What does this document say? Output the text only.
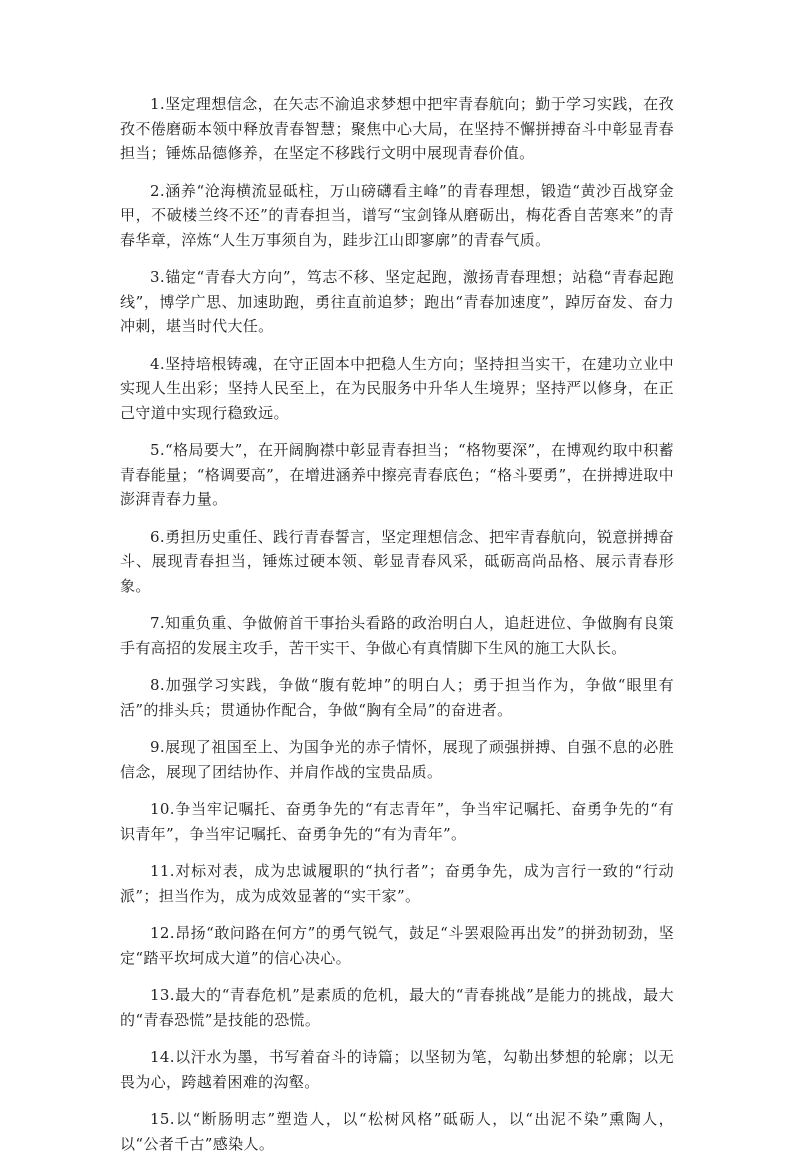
1.坚定理想信念，在矢志不渝追求梦想中把牢青春航向；勤于学习实践，在孜孜不倦磨砺本领中释放青春智慧；聚焦中心大局，在坚持不懈拼搏奋斗中彰显青春担当；锤炼品德修养，在坚定不移践行文明中展现青春价值。

2.涵养“沧海横流显砥柱，万山磅礴看主峰”的青春理想，锻造“黄沙百战穿金甲，不破楼兰终不还”的青春担当，谱写“宝剑锋从磨砺出，梅花香自苦寒来”的青春华章，淬炼“人生万事须自为，跬步江山即寥廓”的青春气质。

3.锚定“青春大方向”，笃志不移、坚定起跑，激扬青春理想；站稳“青春起跑线”，博学广思、加速助跑，勇往直前追梦；跑出“青春加速度”，踔厉奋发、奋力冲刺，堪当时代大任。

4.坚持培根铸魂，在守正固本中把稳人生方向；坚持担当实干，在建功立业中实现人生出彩；坚持人民至上，在为民服务中升华人生境界；坚持严以修身，在正己守道中实现行稳致远。

5.“格局要大”，在开阔胸襟中彰显青春担当；“格物要深”，在博观约取中积蓄青春能量；“格调要高”，在增进涵养中擦亮青春底色；“格斗要勇”，在拼搏进取中澎湃青春力量。

6.勇担历史重任、践行青春誓言，坚定理想信念、把牢青春航向，锐意拼搏奋斗、展现青春担当，锤炼过硬本领、彰显青春风采，砥砺高尚品格、展示青春形象。

7.知重负重、争做俯首干事抬头看路的政治明白人，追赶进位、争做胸有良策手有高招的发展主攻手，苦干实干、争做心有真情脚下生风的施工大队长。

8.加强学习实践，争做“腹有乾坤”的明白人；勇于担当作为，争做“眼里有活”的排头兵；贯通协作配合，争做“胸有全局”的奋进者。

9.展现了祖国至上、为国争光的赤子情怀，展现了顽强拼搏、自强不息的必胜信念，展现了团结协作、并肩作战的宝贵品质。

10.争当牢记嘱托、奋勇争先的“有志青年”，争当牢记嘱托、奋勇争先的“有识青年”，争当牢记嘱托、奋勇争先的“有为青年”。

11.对标对表，成为忠诚履职的“执行者”；奋勇争先，成为言行一致的“行动派”；担当作为，成为成效显著的“实干家”。

12.昂扬“敢问路在何方”的勇气锐气，鼓足“斗罢艰险再出发”的拼劲韧劲，坚定“踏平坎坷成大道”的信心决心。

13.最大的“青春危机”是素质的危机，最大的“青春挑战”是能力的挑战，最大的“青春恐慌”是技能的恐慌。

14.以汗水为墨，书写着奋斗的诗篇；以坚韧为笔，勾勒出梦想的轮廓；以无畏为心，跨越着困难的沟壑。

15.以“断肠明志”塑造人，以“松树风格”砥砺人，以“出泥不染”熏陶人，以“公者千古”感染人。
